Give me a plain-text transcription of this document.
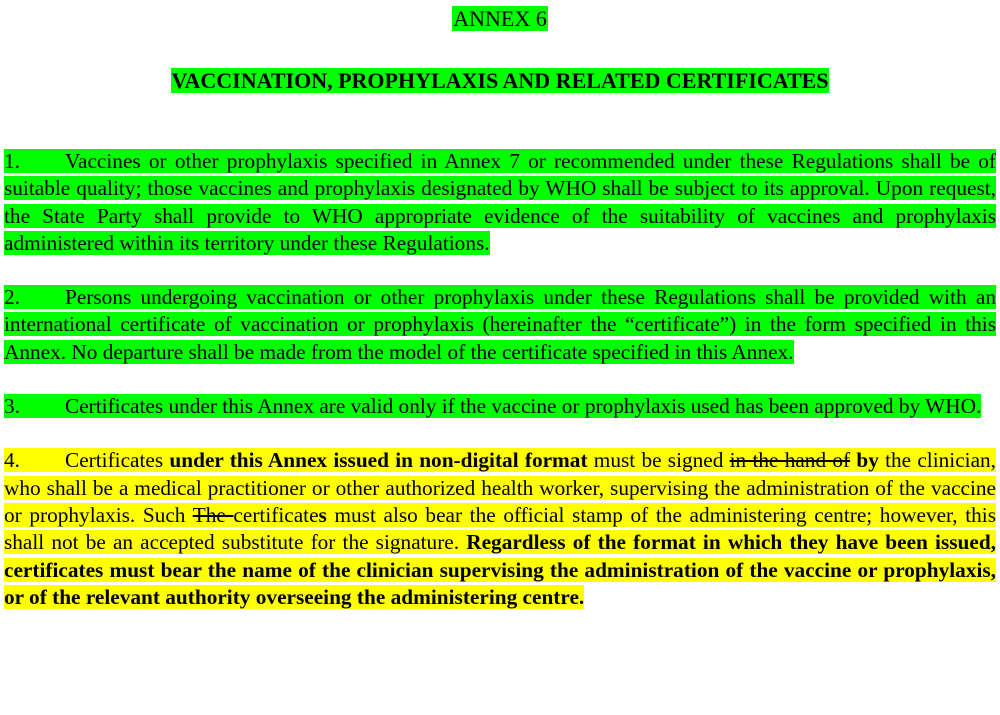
ANNEX 6
VACCINATION, PROPHYLAXIS AND RELATED CERTIFICATES

1. Vaccines or other prophylaxis specified in Annex 7 or recommended under these Regulations shall be of suitable quality; those vaccines and prophylaxis designated by WHO shall be subject to its approval. Upon request, the State Party shall provide to WHO appropriate evidence of the suitability of vaccines and prophylaxis administered within its territory under these Regulations.

2. Persons undergoing vaccination or other prophylaxis under these Regulations shall be provided with an international certificate of vaccination or prophylaxis (hereinafter the “certificate”) in the form specified in this Annex. No departure shall be made from the model of the certificate specified in this Annex.

3. Certificates under this Annex are valid only if the vaccine or prophylaxis used has been approved by WHO.

4. Certificates under this Annex issued in non-digital format must be signed in the hand of by the clinician, who shall be a medical practitioner or other authorized health worker, supervising the administration of the vaccine or prophylaxis. Such The certificates must also bear the official stamp of the administering centre; however, this shall not be an accepted substitute for the signature. Regardless of the format in which they have been issued, certificates must bear the name of the clinician supervising the administration of the vaccine or prophylaxis, or of the relevant authority overseeing the administering centre.
